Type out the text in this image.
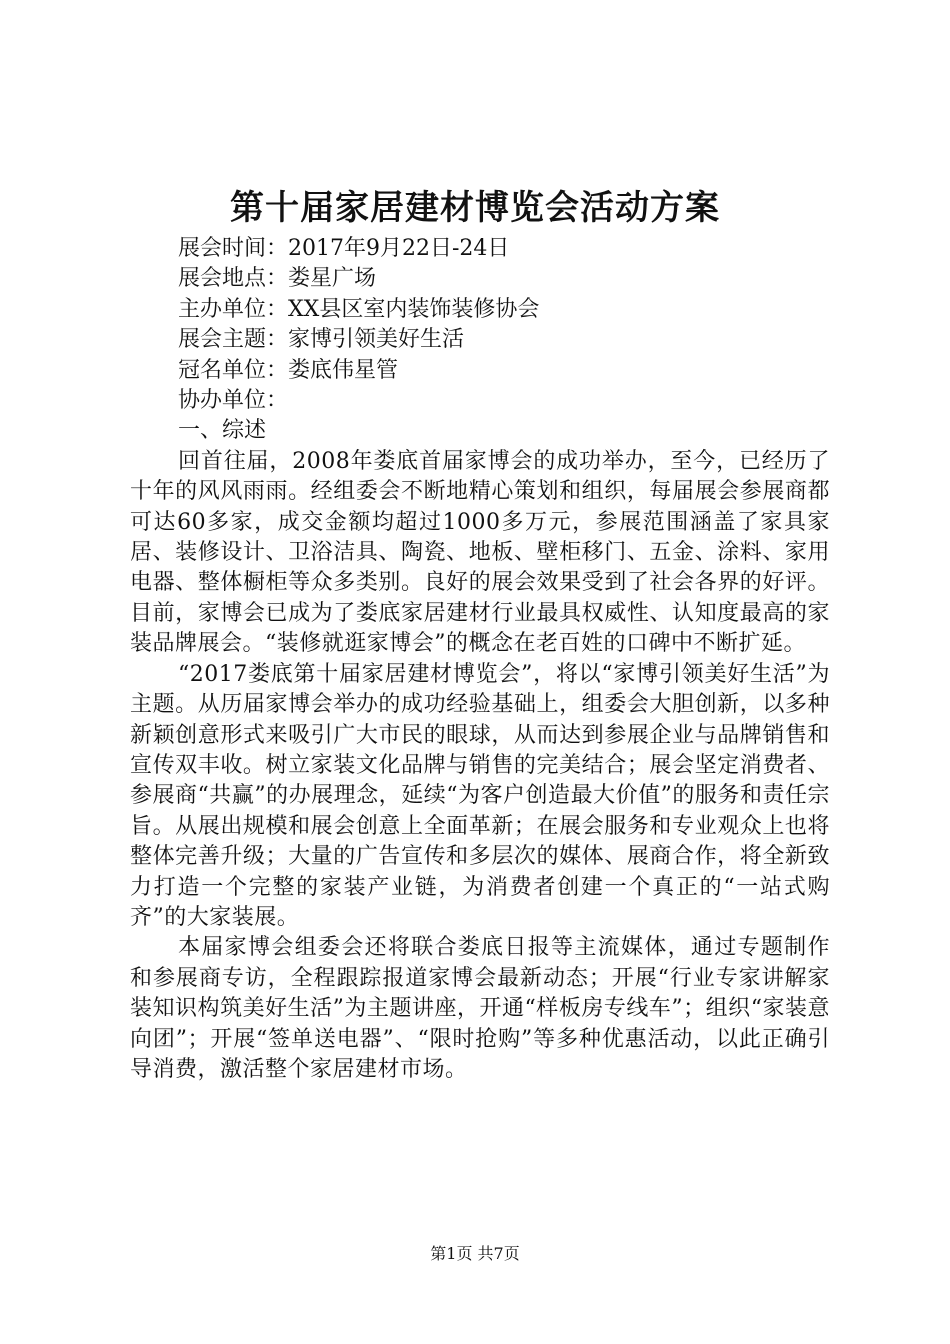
第十届家居建材博览会活动方案

展会时间：2017年9月22日-24日

展会地点：娄星广场

主办单位：XX县区室内装饰装修协会

展会主题：家博引领美好生活

冠名单位：娄底伟星管

协办单位：

一、综述

回首往届，2008年娄底首届家博会的成功举办，至今，已经历了十年的风风雨雨。经组委会不断地精心策划和组织，每届展会参展商都可达60多家，成交金额均超过1000多万元，参展范围涵盖了家具家居、装修设计、卫浴洁具、陶瓷、地板、壁柜移门、五金、涂料、家用电器、整体橱柜等众多类别。良好的展会效果受到了社会各界的好评。目前，家博会已成为了娄底家居建材行业最具权威性、认知度最高的家装品牌展会。“装修就逛家博会”的概念在老百姓的口碑中不断扩延。

“2017娄底第十届家居建材博览会”，将以“家博引领美好生活”为主题。从历届家博会举办的成功经验基础上，组委会大胆创新，以多种新颖创意形式来吸引广大市民的眼球，从而达到参展企业与品牌销售和宣传双丰收。树立家装文化品牌与销售的完美结合；展会坚定消费者、参展商“共赢”的办展理念，延续“为客户创造最大价值”的服务和责任宗旨。从展出规模和展会创意上全面革新；在展会服务和专业观众上也将整体完善升级；大量的广告宣传和多层次的媒体、展商合作，将全新致力打造一个完整的家装产业链，为消费者创建一个真正的“一站式购齐”的大家装展。

本届家博会组委会还将联合娄底日报等主流媒体，通过专题制作和参展商专访，全程跟踪报道家博会最新动态；开展“行业专家讲解家装知识构筑美好生活”为主题讲座，开通“样板房专线车”；组织“家装意向团”；开展“签单送电器”、“限时抢购”等多种优惠活动，以此正确引导消费，激活整个家居建材市场。

第1页 共7页
